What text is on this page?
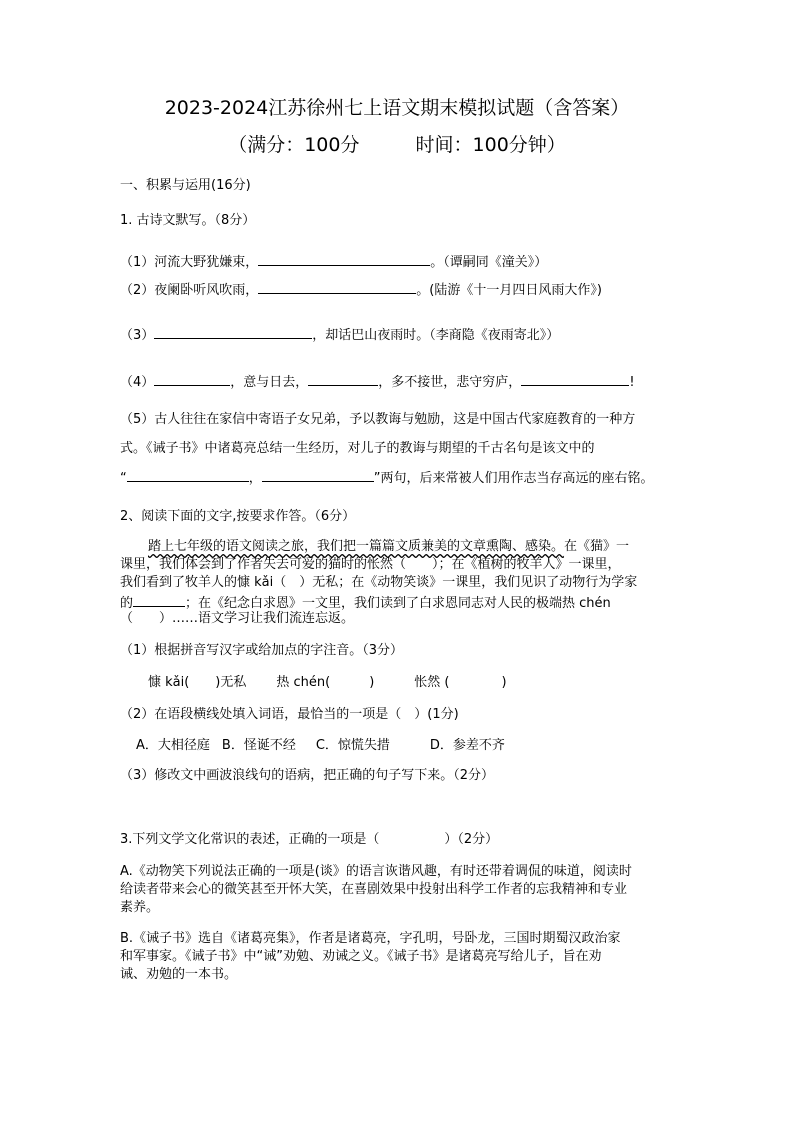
2023-2024江苏徐州七上语文期末模拟试题（含答案）
（满分：100分	时间：100分钟）
一、积累与运用(16分)
1. 古诗文默写。（8分）
（1）河流大野犹嫌束，	。（谭嗣同《潼关》）
（2）夜阑卧听风吹雨，	。(陆游《十一月四日风雨大作》)
（3）	，却话巴山夜雨时。（李商隐《夜雨寄北》）
（4）	，意与日去，	，多不接世，悲守穷庐，	!
（5）古人往往在家信中寄语子女兄弟，予以教诲与勉励，这是中国古代家庭教育的一种方
式。《诫子书》中诸葛亮总结一生经历，对儿子的教诲与期望的千古名句是该文中的
“	，	”两句，后来常被人们用作志当存高远的座右铭。
2、阅读下面的文字,按要求作答。（6分）
踏上七年级的语文阅读之旅，我们把一篇篇文质兼美的文章熏陶、感染。在《猫》一
课里，我们体会到了作者失去可爱的猫时的怅然（　　）；在《植树的牧羊人》一课里，
我们看到了牧羊人的慷 kǎi（　）无私；在《动物笑谈》一课里，我们见识了动物行为学家
的	；在《纪念白求恩》一文里，我们读到了白求恩同志对人民的极端热 chén
（　　）……语文学习让我们流连忘返。
（1）根据拼音写汉字或给加点的字注音。（3分）
慷 kǎi(　　)无私 热 chén(　　　)	怅然 (　　　　)
（2）在语段横线处填入词语，最恰当的一项是（　）(1分)
A．大相径庭 B．怪诞不经 C．惊慌失措	D．参差不齐
（3）修改文中画波浪线句的语病，把正确的句子写下来。（2分）
3.下列文学文化常识的表述，正确的一项是（　　　　　）（2分）
A.《动物笑下列说法正确的一项是(谈》的语言诙谐风趣，有时还带着调侃的味道，阅读时
给读者带来会心的微笑甚至开怀大笑，在喜剧效果中投射出科学工作者的忘我精神和专业
素养。
B.《诫子书》选自《诸葛亮集》，作者是诸葛亮，字孔明，号卧龙，三国时期蜀汉政治家
和军事家。《诫子书》中“诫”劝勉、劝诫之义。《诫子书》是诸葛亮写给儿子，旨在劝
诫、劝勉的一本书。
